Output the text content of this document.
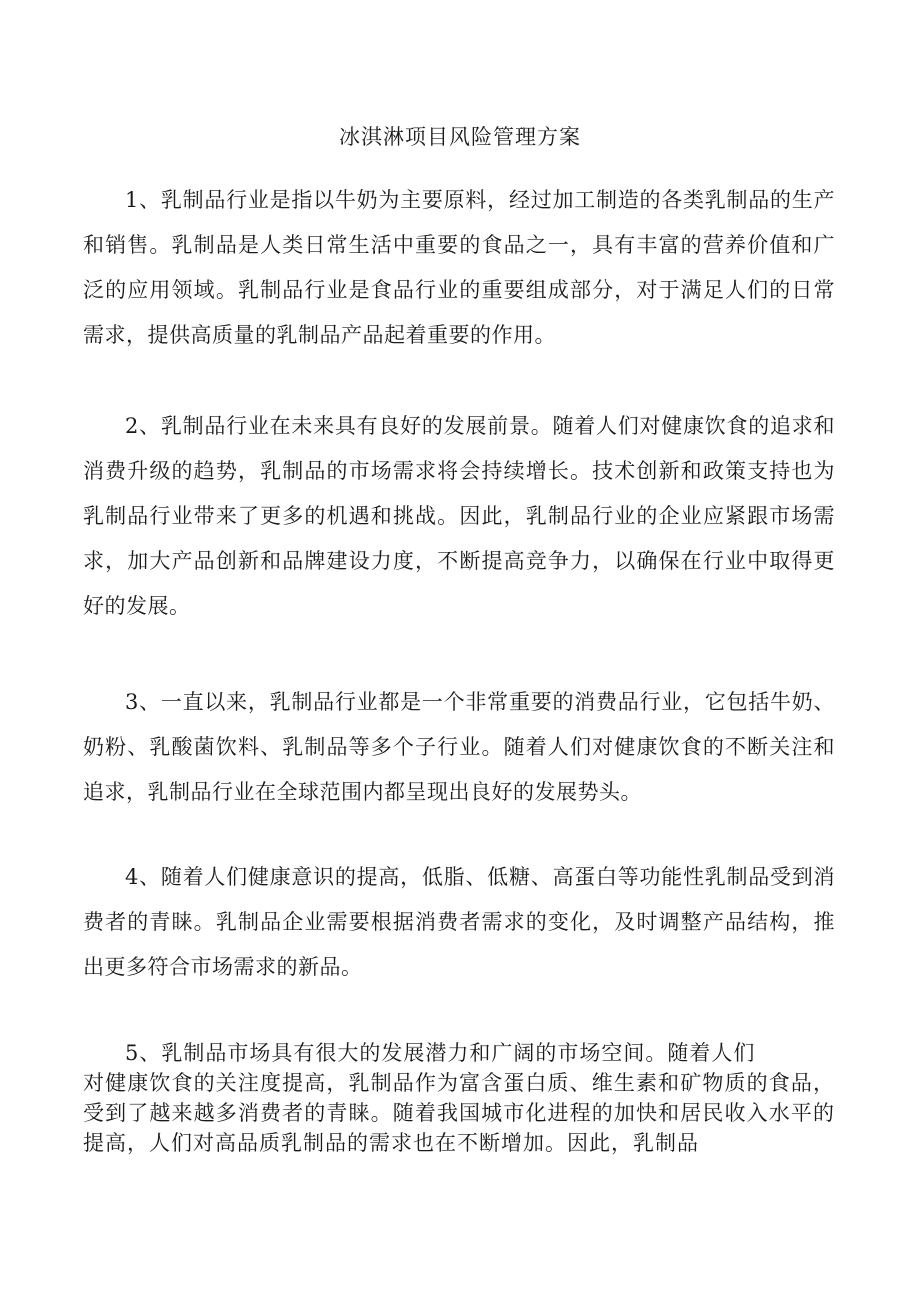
冰淇淋项目风险管理方案

1、乳制品行业是指以牛奶为主要原料，经过加工制造的各类乳制品的生产和销售。乳制品是人类日常生活中重要的食品之一，具有丰富的营养价值和广泛的应用领域。乳制品行业是食品行业的重要组成部分，对于满足人们的日常需求，提供高质量的乳制品产品起着重要的作用。

2、乳制品行业在未来具有良好的发展前景。随着人们对健康饮食的追求和消费升级的趋势，乳制品的市场需求将会持续增长。技术创新和政策支持也为乳制品行业带来了更多的机遇和挑战。因此，乳制品行业的企业应紧跟市场需求，加大产品创新和品牌建设力度，不断提高竞争力，以确保在行业中取得更好的发展。

3、一直以来，乳制品行业都是一个非常重要的消费品行业，它包括牛奶、奶粉、乳酸菌饮料、乳制品等多个子行业。随着人们对健康饮食的不断关注和追求，乳制品行业在全球范围内都呈现出良好的发展势头。

4、随着人们健康意识的提高，低脂、低糖、高蛋白等功能性乳制品受到消费者的青睐。乳制品企业需要根据消费者需求的变化，及时调整产品结构，推出更多符合市场需求的新品。

5、乳制品市场具有很大的发展潜力和广阔的市场空间。随着人们
对健康饮食的关注度提高，乳制品作为富含蛋白质、维生素和矿物质的食品，受到了越来越多消费者的青睐。随着我国城市化进程的加快和居民收入水平的提高，人们对高品质乳制品的需求也在不断增加。因此，乳制品
